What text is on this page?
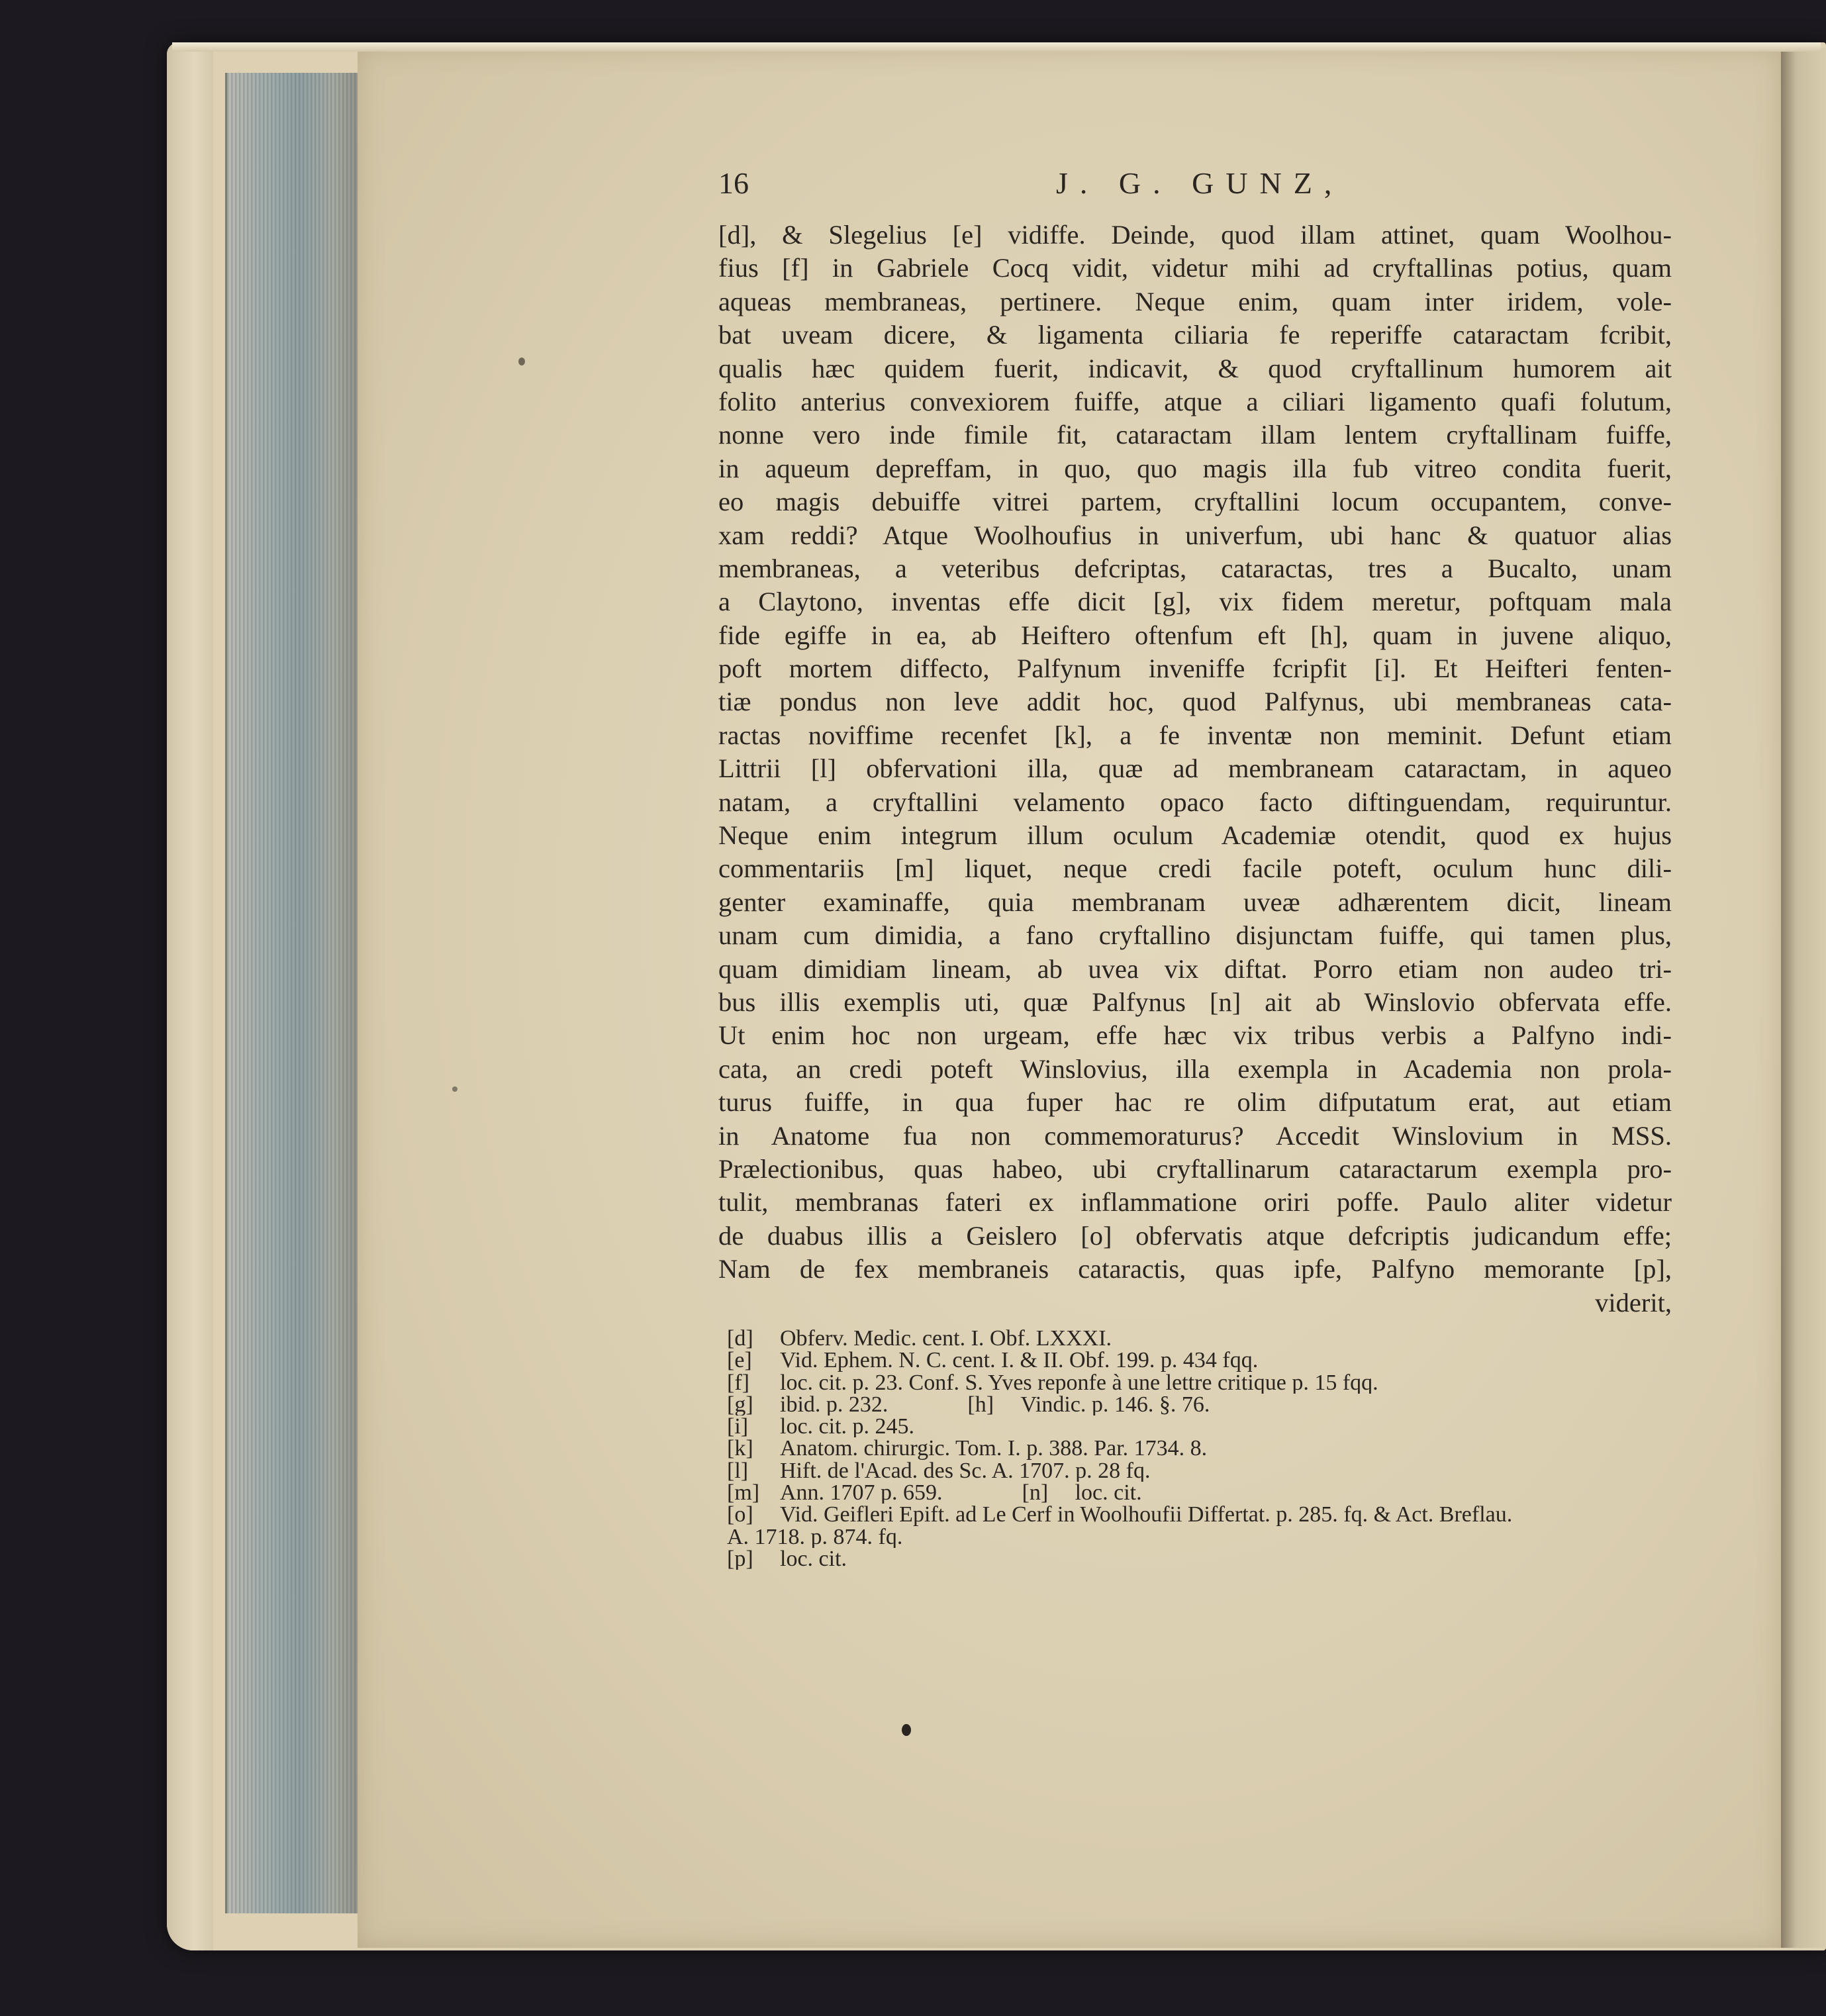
16	J. G. GUNZ,
[d], & Slegelius [e] vidiffe. Deinde, quod illam attinet, quam Woolhou-
fius [f] in Gabriele Cocq vidit, videtur mihi ad cryftallinas potius, quam
aqueas membraneas, pertinere. Neque enim, quam inter iridem, vole-
bat uveam dicere, & ligamenta ciliaria fe reperiffe cataractam fcribit,
qualis hæc quidem fuerit, indicavit, & quod cryftallinum humorem ait
folito anterius convexiorem fuiffe, atque a ciliari ligamento quafi folutum,
nonne vero inde fimile fit, cataractam illam lentem cryftallinam fuiffe,
in aqueum depreffam, in quo, quo magis illa fub vitreo condita fuerit,
eo magis debuiffe vitrei partem, cryftallini locum occupantem, conve-
xam reddi? Atque Woolhoufius in univerfum, ubi hanc & quatuor alias
membraneas, a veteribus defcriptas, cataractas, tres a Bucalto, unam
a Claytono, inventas effe dicit [g], vix fidem meretur, poftquam mala
fide egiffe in ea, ab Heiftero oftenfum eft [h], quam in juvene aliquo,
poft mortem diffecto, Palfynum inveniffe fcripfit [i]. Et Heifteri fenten-
tiæ pondus non leve addit hoc, quod Palfynus, ubi membraneas cata-
ractas noviffime recenfet [k], a fe inventæ non meminit. Defunt etiam
Littrii [l] obfervationi illa, quæ ad membraneam cataractam, in aqueo
natam, a cryftallini velamento opaco facto diftinguendam, requiruntur.
Neque enim integrum illum oculum Academiæ otendit, quod ex hujus
commentariis [m] liquet, neque credi facile poteft, oculum hunc dili-
genter examinaffe, quia membranam uveæ adhærentem dicit, lineam
unam cum dimidia, a fano cryftallino disjunctam fuiffe, qui tamen plus,
quam dimidiam lineam, ab uvea vix diftat. Porro etiam non audeo tri-
bus illis exemplis uti, quæ Palfynus [n] ait ab Winslovio obfervata effe.
Ut enim hoc non urgeam, effe hæc vix tribus verbis a Palfyno indi-
cata, an credi poteft Winslovius, illa exempla in Academia non prola-
turus fuiffe, in qua fuper hac re olim difputatum erat, aut etiam
in Anatome fua non commemoraturus? Accedit Winslovium in MSS.
Prælectionibus, quas habeo, ubi cryftallinarum cataractarum exempla pro-
tulit, membranas fateri ex inflammatione oriri poffe. Paulo aliter videtur
de duabus illis a Geislero [o] obfervatis atque defcriptis judicandum effe;
Nam de fex membraneis cataractis, quas ipfe, Palfyno memorante [p],
viderit,
[d] Obferv. Medic. cent. I. Obf. LXXXI.
[e] Vid. Ephem. N. C. cent. I. & II. Obf. 199. p. 434 fqq.
[f] loc. cit. p. 23. Conf. S. Yves reponfe à une lettre critique p. 15 fqq.
[g] ibid. p. 232.	[h] Vindic. p. 146. §. 76.
[i] loc. cit. p. 245.
[k] Anatom. chirurgic. Tom. I. p. 388. Par. 1734. 8.
[l] Hift. de l'Acad. des Sc. A. 1707. p. 28 fq.
[m] Ann. 1707 p. 659.	[n] loc. cit.
[o] Vid. Geifleri Epift. ad Le Cerf in Woolhoufii Differtat. p. 285. fq. & Act. Breflau.
A. 1718. p. 874. fq.
[p] loc. cit.
